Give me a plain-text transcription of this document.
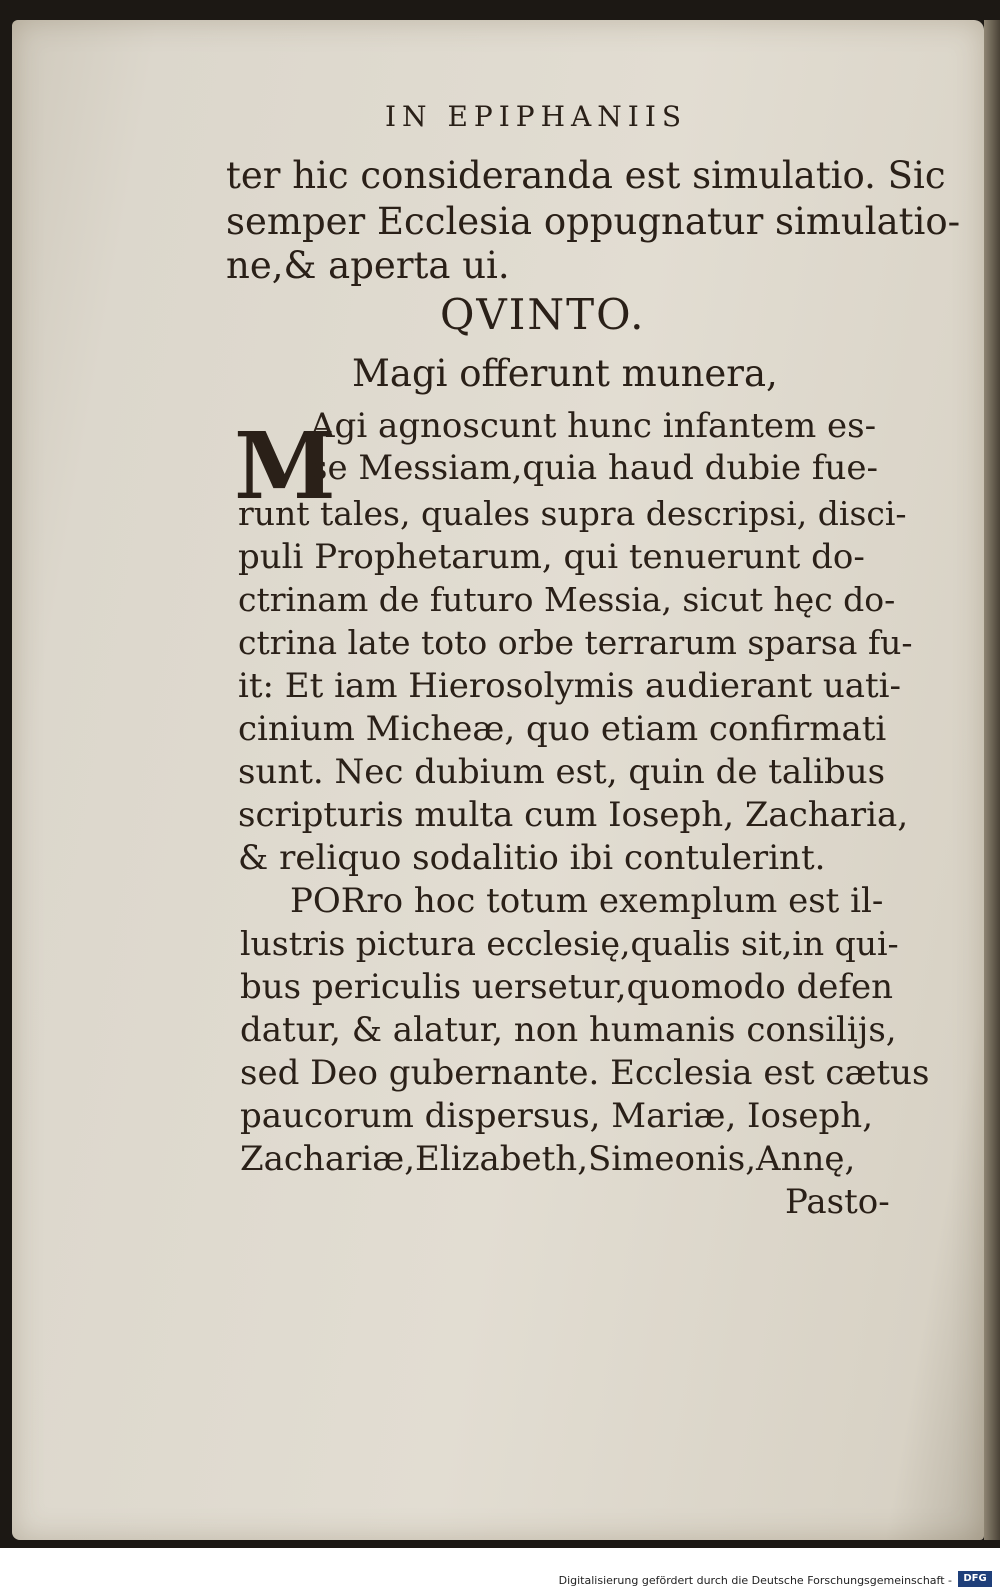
IN EPIPHANIIS
ter hic consideranda est simulatio. Sic
semper Ecclesia oppugnatur simulatio-
ne,& aperta ui.
QVINTO.
Magi offerunt munera,
M
Agi agnoscunt hunc infantem es-
se Messiam,quia haud dubie fue-
runt tales, quales supra descripsi, disci-
puli Prophetarum, qui tenuerunt do-
ctrinam de futuro Messia, sicut hęc do-
ctrina late toto orbe terrarum sparsa fu-
it: Et iam Hierosolymis audierant uati-
cinium Micheæ, quo etiam confirmati
sunt. Nec dubium est, quin de talibus
scripturis multa cum Ioseph, Zacharia,
& reliquo sodalitio ibi contulerint.
PORro hoc totum exemplum est il-
lustris pictura ecclesię,qualis sit,in qui-
bus periculis uersetur,quomodo defen
datur, & alatur, non humanis consilijs,
sed Deo gubernante. Ecclesia est cætus
paucorum dispersus, Mariæ, Ioseph,
Zachariæ,Elizabeth,Simeonis,Annę,
Pasto-
Digitalisierung gefördert durch die Deutsche Forschungsgemeinschaft -	DFG
